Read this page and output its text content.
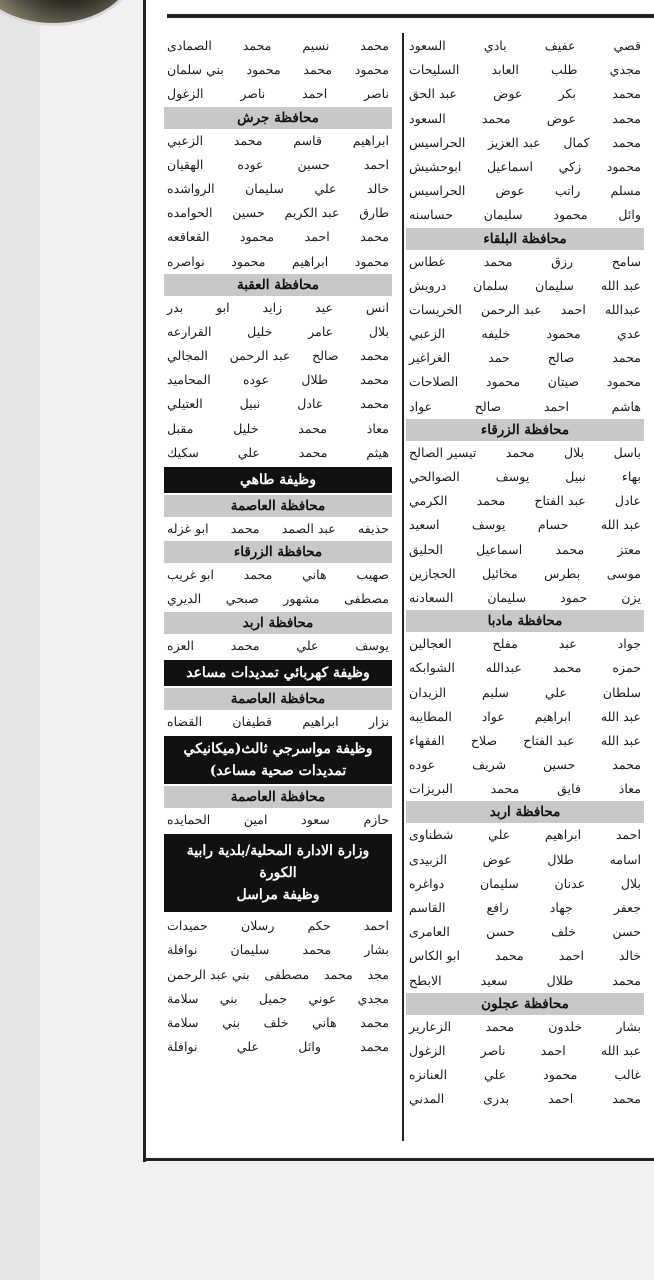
قصي
عفيف
بادي
السعود
مجدي
طلب
العابد
السليحات
محمد
بكر
عوض
عبد الحق
محمد
عوض
محمد
السعود
محمد
كمال
عبد العزيز
الحراسيس
محمود
زكي
اسماعيل
ابوحشيش
مسلم
راتب
عوض
الحراسيس
وائل
محمود
سليمان
حساسنه
محافظة البلقاء
سامح
رزق
محمد
غطاس
عبد الله
سليمان
سلمان
درويش
عبدالله
احمد
عبد الرحمن
الخريسات
عدي
محمود
خليفه
الزعبي
محمد
صالح
حمد
الغراغير
محمود
صيتان
محمود
الصلاحات
هاشم
احمد
صالح
عواد
محافظة الزرقاء
باسل
بلال
محمد
تيسير الصالح
بهاء
نبيل
يوسف
الصوالحي
عادل
عبد الفتاح
محمد
الكرمي
عبد الله
حسام
يوسف
اسعيد
معتز
محمد
اسماعيل
الحليق
موسى
بطرس
مخائيل
الحجازين
يزن
حمود
سليمان
السعادنه
محافظة مادبا
جواد
عبد
مفلح
العجالين
حمزه
محمد
عبدالله
الشوابكه
سلطان
علي
سليم
الزيدان
عبد الله
ابراهيم
عواد
المطايبه
عبد الله
عبد الفتاح
صلاح
الفقهاء
محمد
حسين
شريف
عوده
معاذ
فايق
محمد
البريزات
محافظة اربد
احمد
ابراهيم
علي
شطناوى
اسامه
طلال
عوض
الزبيدى
بلال
عدنان
سليمان
دواغره
جعفر
جهاد
رافع
القاسم
حسن
خلف
حسن
العامرى
خالد
احمد
محمد
ابو الكاس
محمد
طلال
سعيد
الابطح
محافظة عجلون
بشار
خلدون
محمد
الزعارير
عبد الله
احمد
ناصر
الزغول
غالب
محمود
علي
العنانزه
محمد
احمد
بدرى
المدني
محمد
نسيم
محمد
الصمادى
محمود
محمد
محمود
بني سلمان
ناصر
احمد
ناصر
الزغول
محافظة جرش
ابراهيم
قاسم
محمد
الزعبي
احمد
حسين
عوده
الهقيان
خالد
علي
سليمان
الرواشده
طارق
عبد الكريم
حسين
الحوامده
محمد
احمد
محمود
القعاقعه
محمود
ابراهيم
محمود
نواصره
محافظة العقبة
انس
عيد
زايد
ابو
بدر
بلال
عامر
خليل
القرارعه
محمد
صالح
عبد الرحمن
المجالي
محمد
طلال
عوده
المحاميد
محمد
عادل
نبيل
العتيلي
معاذ
محمد
خليل
مقبل
هيثم
محمد
علي
سكيك
وظيفة طاهي
محافظة العاصمة
حذيفه
عبد الصمد
محمد
ابو غزله
محافظة الزرقاء
صهيب
هاني
محمد
ابو غريب
مصطفى
مشهور
صبحي
الديري
محافظة اربد
يوسف
علي
محمد
العزه
وظيفة كهربائي تمديدات مساعد
محافظة العاصمة
نزار
ابراهيم
قطيفان
القضاه
وظيفة مواسرجي ثالث(ميكانيكي
تمديدات صحية مساعد)
محافظة العاصمة
حازم
سعود
امين
الحمايده
وزارة الادارة المحلية/بلدية رابية
الكورة
وظيفة مراسل
احمد
حكم
رسلان
حميدات
بشار
محمد
سليمان
نوافلة
مجد
محمد
مصطفى
بني عبد الرحمن
مجدي
عوني
جميل
بني
سلامة
محمد
هاني
خلف
بني
سلامة
محمد
وائل
علي
نوافلة
